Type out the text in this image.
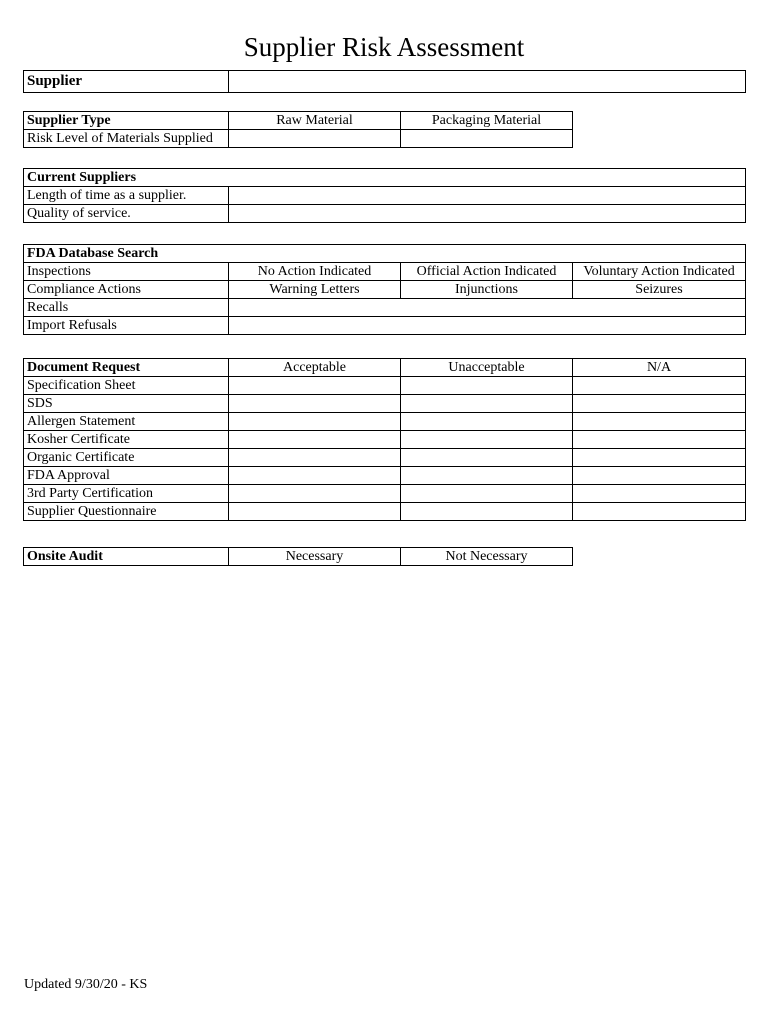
Supplier Risk Assessment
Supplier	
Supplier Type	Raw Material	Packaging Material
Risk Level of Materials Supplied		
Current Suppliers	
Length of time as a supplier.	
Quality of service.	
FDA Database Search			
Inspections	No Action Indicated	Official Action Indicated	Voluntary Action Indicated
Compliance Actions	Warning Letters	Injunctions	Seizures
Recalls			
Import Refusals			
Document Request	Acceptable	Unacceptable	N/A
Specification Sheet			
SDS			
Allergen Statement			
Kosher Certificate			
Organic Certificate			
FDA Approval			
3rd Party Certification			
Supplier Questionnaire			
Onsite Audit	Necessary	Not Necessary
Updated 9/30/20 - KS
